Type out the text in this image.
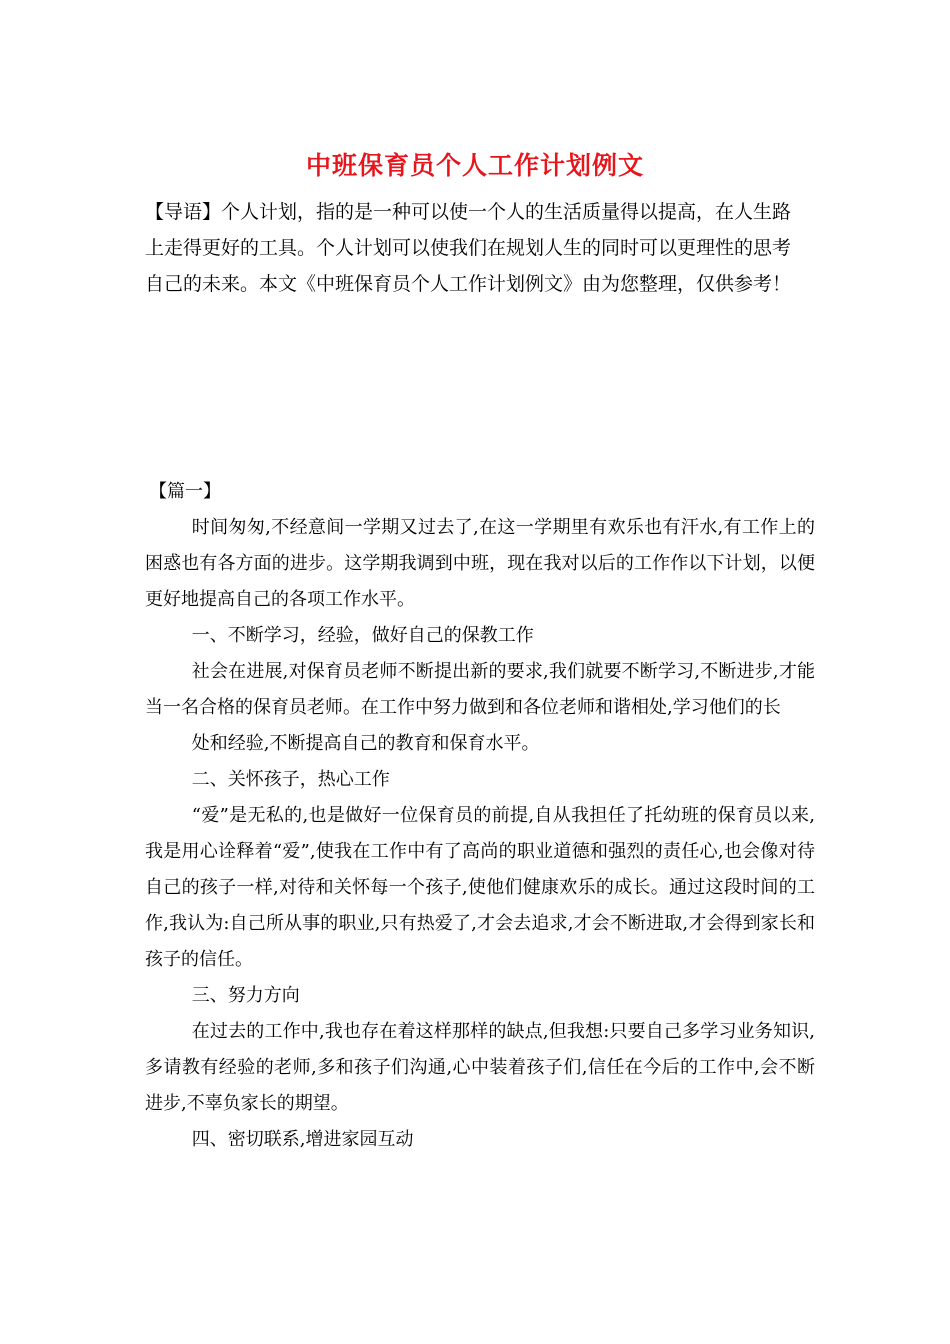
中班保育员个人工作计划例文

【导语】个人计划，指的是一种可以使一个人的生活质量得以提高，在人生路

上走得更好的工具。个人计划可以使我们在规划人生的同时可以更理性的思考

自己的未来。本文《中班保育员个人工作计划例文》由为您整理，仅供参考！

【篇一】

时间匆匆,不经意间一学期又过去了,在这一学期里有欢乐也有汗水,有工作上的困惑也有各方面的进步。这学期我调到中班，现在我对以后的工作作以下计划，以便更好地提高自己的各项工作水平。

一、不断学习，经验，做好自己的保教工作

社会在进展,对保育员老师不断提出新的要求,我们就要不断学习,不断进步,才能当一名合格的保育员老师。在工作中努力做到和各位老师和谐相处,学习他们的长

处和经验,不断提高自己的教育和保育水平。

二、关怀孩子，热心工作

“爱”是无私的,也是做好一位保育员的前提,自从我担任了托幼班的保育员以来,我是用心诠释着“爱”,使我在工作中有了高尚的职业道德和强烈的责任心,也会像对待自己的孩子一样,对待和关怀每一个孩子,使他们健康欢乐的成长。通过这段时间的工作,我认为:自己所从事的职业,只有热爱了,才会去追求,才会不断进取,才会得到家长和孩子的信任。

三、努力方向

在过去的工作中,我也存在着这样那样的缺点,但我想:只要自己多学习业务知识,多请教有经验的老师,多和孩子们沟通,心中装着孩子们,信任在今后的工作中,会不断进步,不辜负家长的期望。

四、密切联系,增进家园互动
